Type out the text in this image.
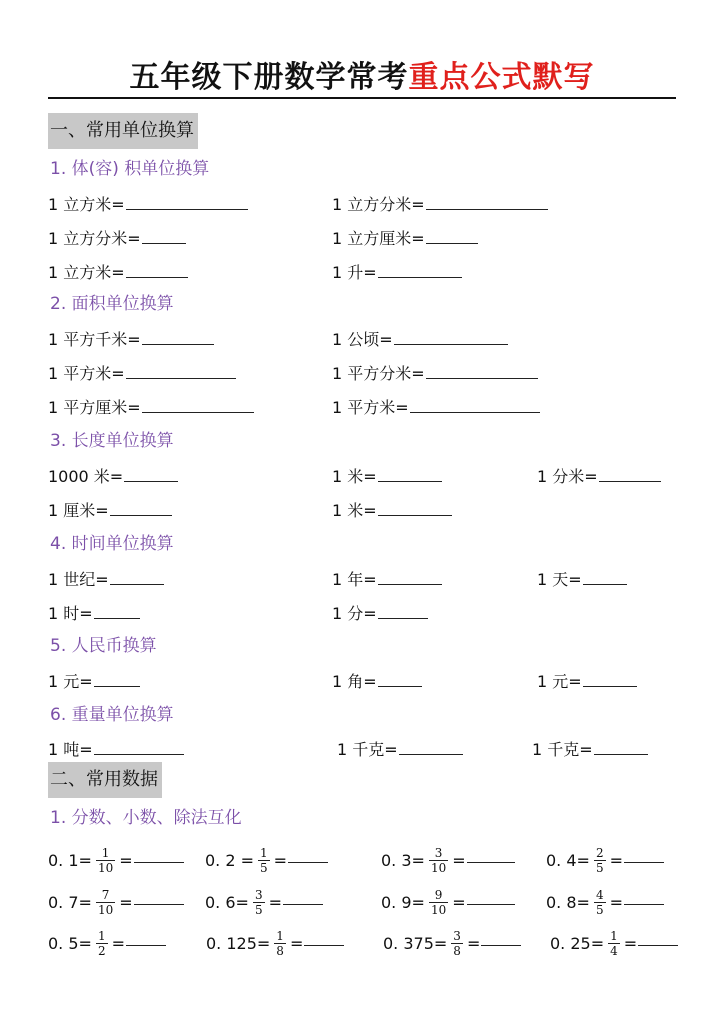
五年级下册数学常考重点公式默写
一、常用单位换算
1. 体(容) 积单位换算
1 立方米=	1 立方分米=
1 立方分米=	1 立方厘米=
1 立方米=	1 升=
2. 面积单位换算
1 平方千米=	1 公顷=
1 平方米=	1 平方分米=
1 平方厘米=	1 平方米=
3. 长度单位换算
1000 米=	1 米=	1 分米=
1 厘米=	1 米=
4. 时间单位换算
1 世纪=	1 年=	1 天=
1 时=	1 分=
5. 人民币换算
1 元=	1 角=	1 元=
6. 重量单位换算
1 吨=	1 千克=	1 千克=
二、常用数据
1. 分数、小数、除法互化
0. $1= \frac{1}{10}$ =	0. $2 = \frac{1}{5}$ =	0. $3= \frac{3}{10}$ =	0. $4= \frac{2}{5}$ =
0. $7= \frac{7}{10}$ =	0. $6= \frac{3}{5}$ =	0. $9= \frac{9}{10}$ =	0. $8= \frac{4}{5}$ =
0. $5= \frac{1}{2}$ =	0. $125= \frac{1}{8}$ =	0. $375= \frac{3}{8}$ =	0. $25= \frac{1}{4}$ =
